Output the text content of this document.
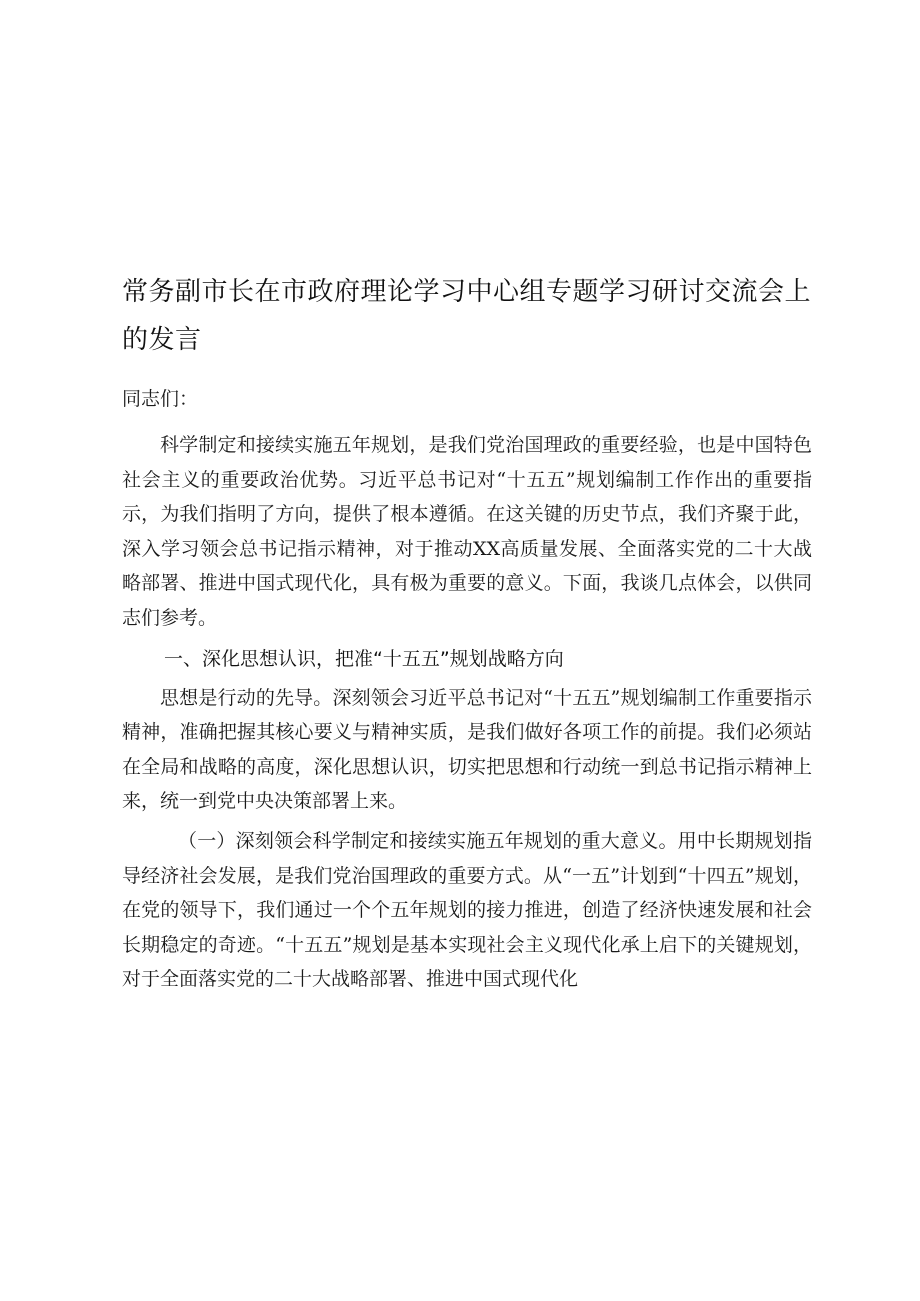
常务副市长在市政府理论学习中心组专题学习研讨交流会上的发言

同志们：

科学制定和接续实施五年规划，是我们党治国理政的重要经验，也是中国特色社会主义的重要政治优势。习近平总书记对“十五五”规划编制工作作出的重要指示，为我们指明了方向，提供了根本遵循。在这关键的历史节点，我们齐聚于此，深入学习领会总书记指示精神，对于推动XX高质量发展、全面落实党的二十大战略部署、推进中国式现代化，具有极为重要的意义。下面，我谈几点体会，以供同志们参考。

一、深化思想认识，把准“十五五”规划战略方向

思想是行动的先导。深刻领会习近平总书记对“十五五”规划编制工作重要指示精神，准确把握其核心要义与精神实质，是我们做好各项工作的前提。我们必须站在全局和战略的高度，深化思想认识，切实把思想和行动统一到总书记指示精神上来，统一到党中央决策部署上来。

（一）深刻领会科学制定和接续实施五年规划的重大意义。用中长期规划指导经济社会发展，是我们党治国理政的重要方式。从“一五”计划到“十四五”规划，在党的领导下，我们通过一个个五年规划的接力推进，创造了经济快速发展和社会长期稳定的奇迹。“十五五”规划是基本实现社会主义现代化承上启下的关键规划，对于全面落实党的二十大战略部署、推进中国式现代化
